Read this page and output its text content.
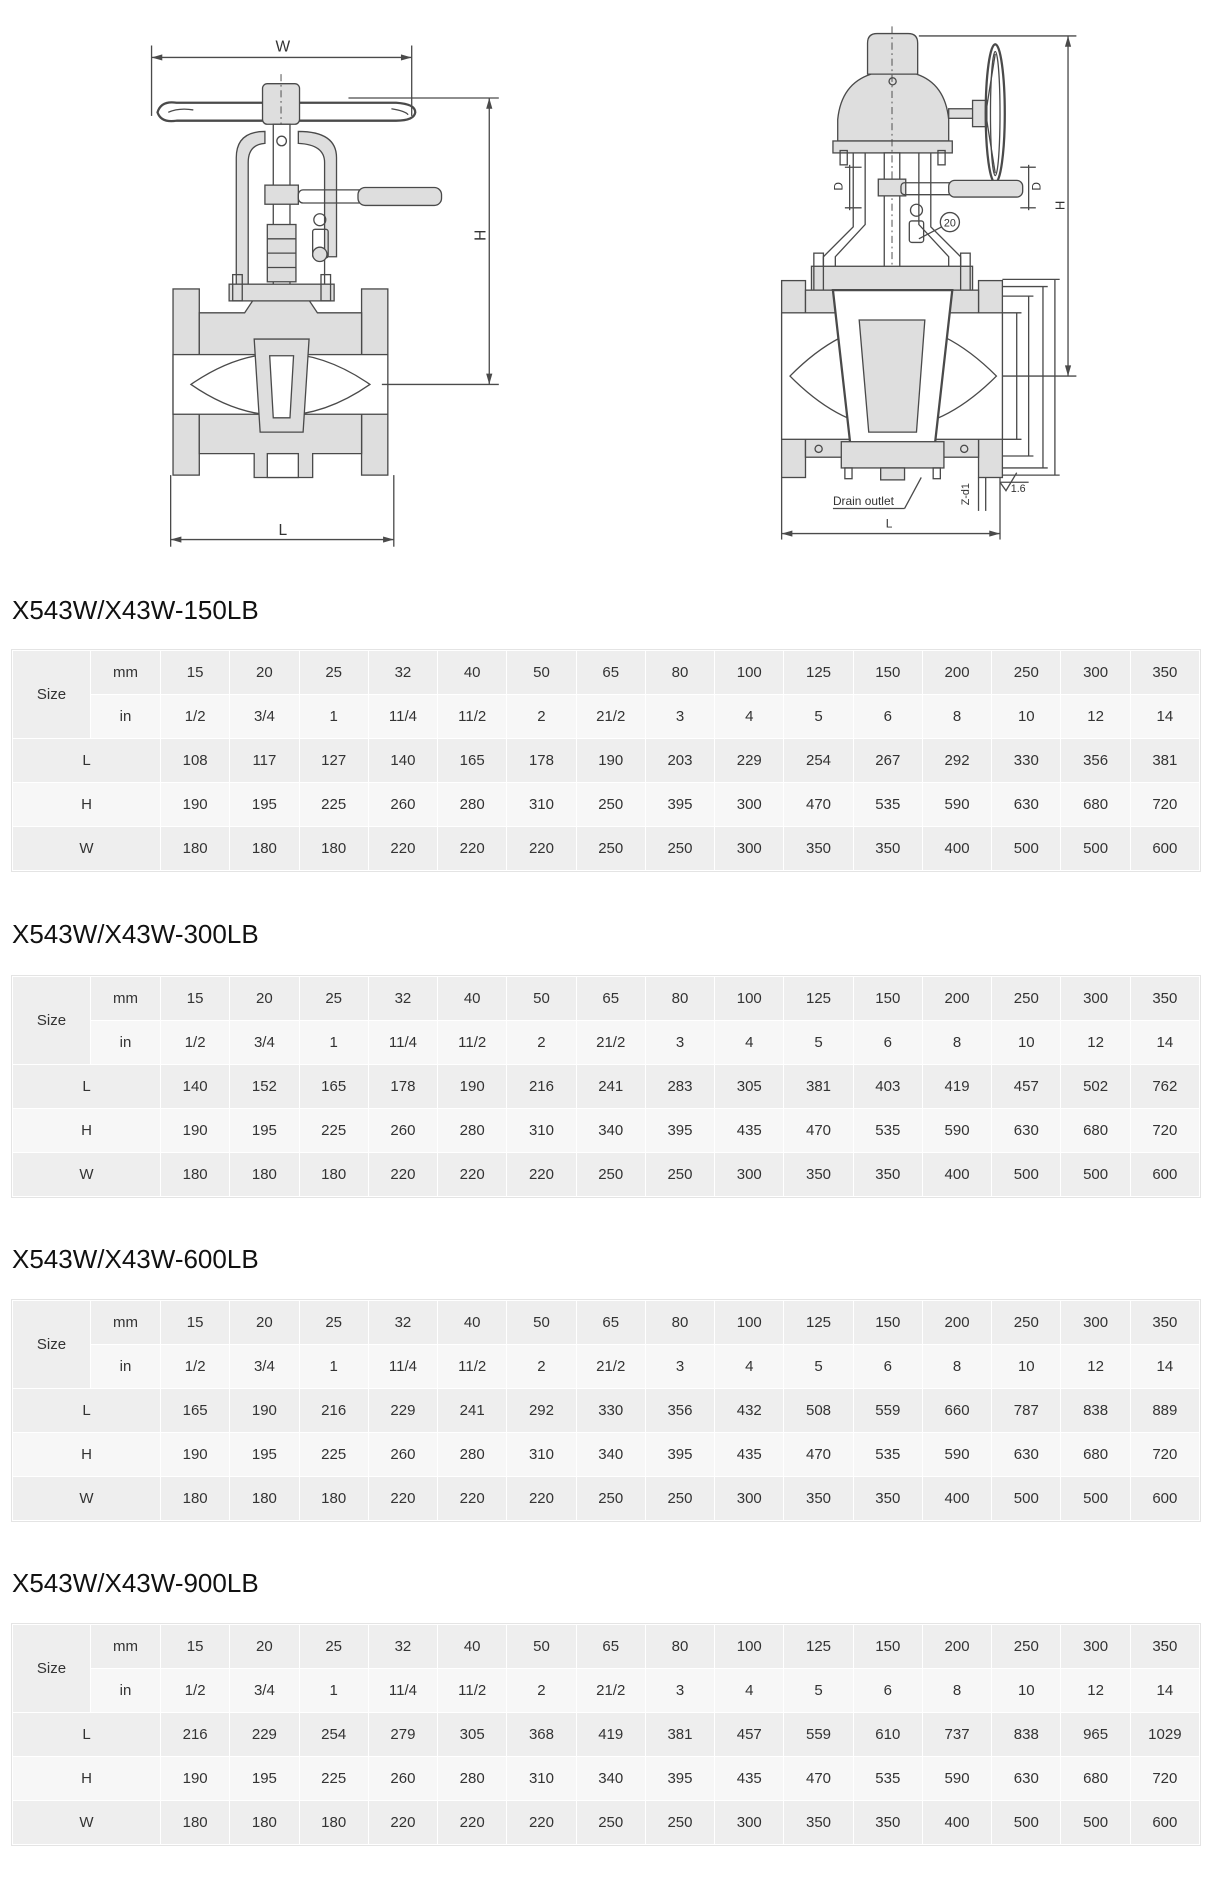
W
H
L
20
D	D
H
Drain outlet	Z-d1	1.6
L
X543W/X43W-150LB
Size	mm	15	20	25	32	40	50	65	80	100	125	150	200	250	300	350
	in	1/2	3/4	1	11/4	11/2	2	21/2	3	4	5	6	8	10	12	14
L		108	117	127	140	165	178	190	203	229	254	267	292	330	356	381
H		190	195	225	260	280	310	250	395	300	470	535	590	630	680	720
W		180	180	180	220	220	220	250	250	300	350	350	400	500	500	600
X543W/X43W-300LB
Size	mm	15	20	25	32	40	50	65	80	100	125	150	200	250	300	350
	in	1/2	3/4	1	11/4	11/2	2	21/2	3	4	5	6	8	10	12	14
L		140	152	165	178	190	216	241	283	305	381	403	419	457	502	762
H		190	195	225	260	280	310	340	395	435	470	535	590	630	680	720
W		180	180	180	220	220	220	250	250	300	350	350	400	500	500	600
X543W/X43W-600LB
Size	mm	15	20	25	32	40	50	65	80	100	125	150	200	250	300	350
	in	1/2	3/4	1	11/4	11/2	2	21/2	3	4	5	6	8	10	12	14
L		165	190	216	229	241	292	330	356	432	508	559	660	787	838	889
H		190	195	225	260	280	310	340	395	435	470	535	590	630	680	720
W		180	180	180	220	220	220	250	250	300	350	350	400	500	500	600
X543W/X43W-900LB
Size	mm	15	20	25	32	40	50	65	80	100	125	150	200	250	300	350
	in	1/2	3/4	1	11/4	11/2	2	21/2	3	4	5	6	8	10	12	14
L		216	229	254	279	305	368	419	381	457	559	610	737	838	965	1029
H		190	195	225	260	280	310	340	395	435	470	535	590	630	680	720
W		180	180	180	220	220	220	250	250	300	350	350	400	500	500	600
